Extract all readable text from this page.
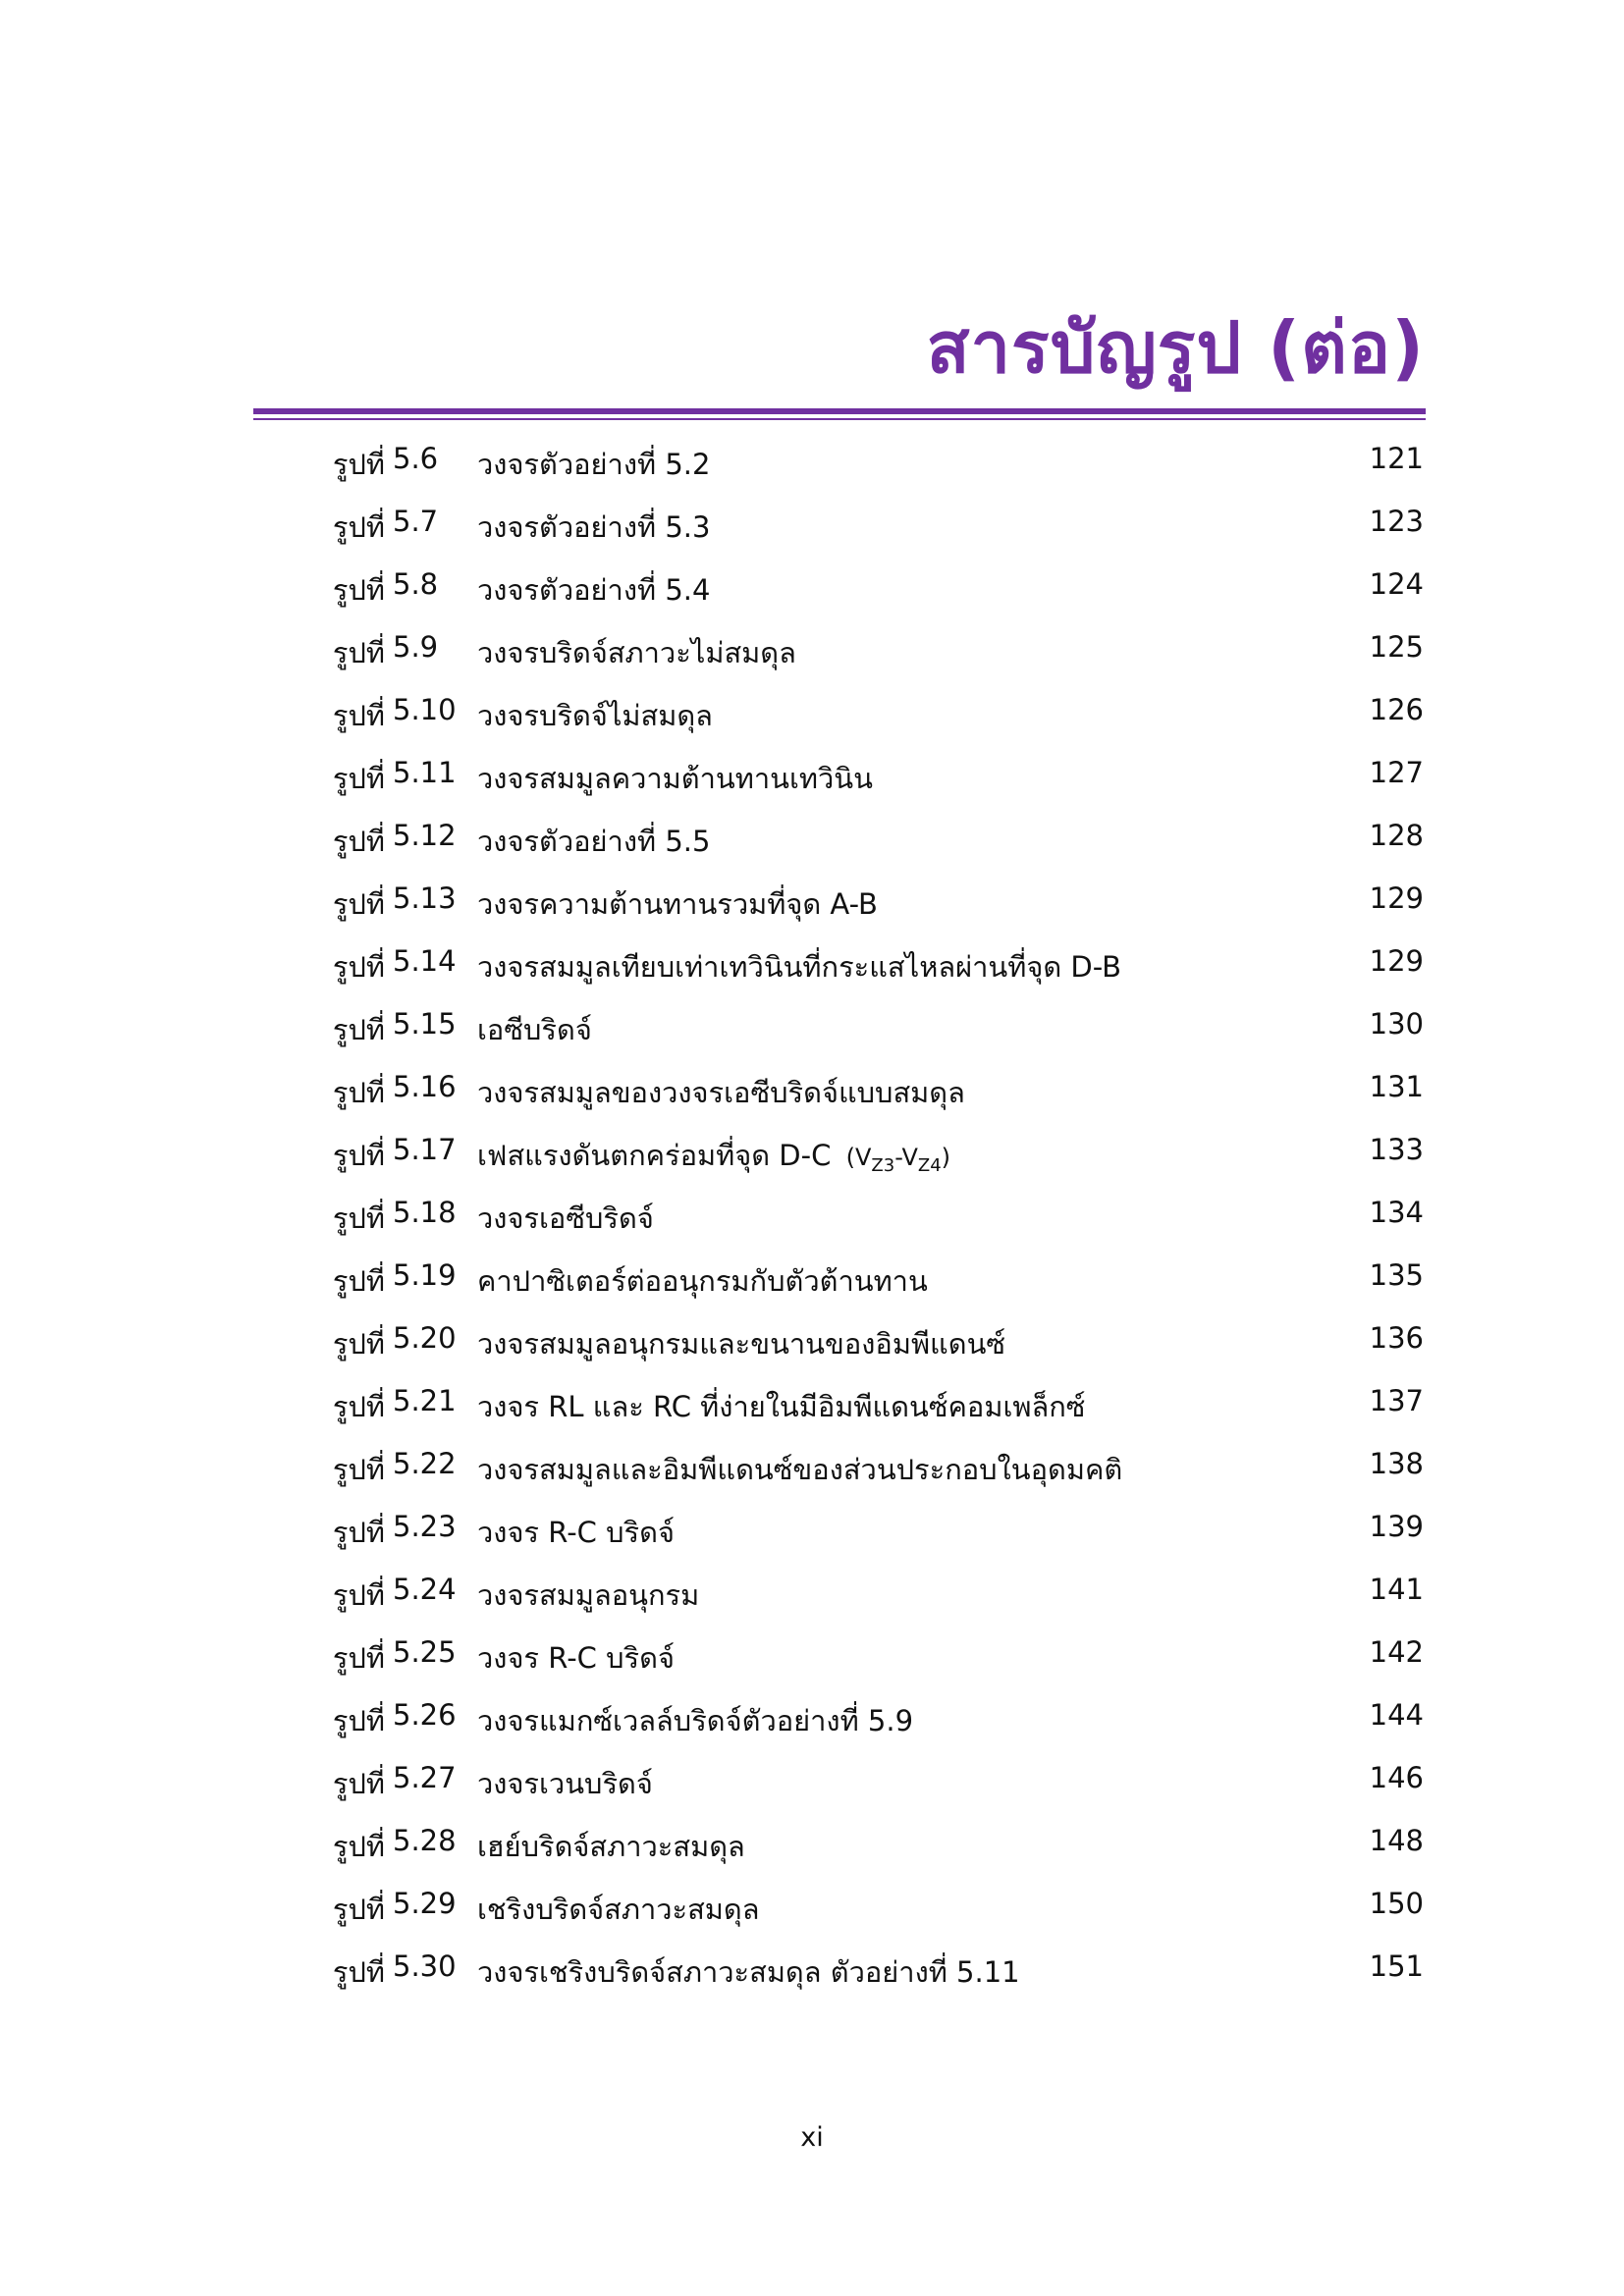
สารบัญรูป (ต่อ)
รูปที่ 5.6 วงจรตัวอย่างที่ 5.2	121
รูปที่ 5.7 วงจรตัวอย่างที่ 5.3	123
รูปที่ 5.8 วงจรตัวอย่างที่ 5.4	124
รูปที่ 5.9 วงจรบริดจ์สภาวะไม่สมดุล	125
รูปที่ 5.10 วงจรบริดจ์ไม่สมดุล	126
รูปที่ 5.11 วงจรสมมูลความต้านทานเทวินิน	127
รูปที่ 5.12 วงจรตัวอย่างที่ 5.5	128
รูปที่ 5.13 วงจรความต้านทานรวมที่จุด A-B	129
รูปที่ 5.14 วงจรสมมูลเทียบเท่าเทวินินที่กระแสไหลผ่านที่จุด D-B	129
รูปที่ 5.15 เอซีบริดจ์	130
รูปที่ 5.16 วงจรสมมูลของวงจรเอซีบริดจ์แบบสมดุล	131
รูปที่ 5.17 เฟสแรงดันตกคร่อมที่จุด D-C  $(V_{Z3}-V_{Z4})$	133
รูปที่ 5.18 วงจรเอซีบริดจ์	134
รูปที่ 5.19 คาปาซิเตอร์ต่ออนุกรมกับตัวต้านทาน	135
รูปที่ 5.20 วงจรสมมูลอนุกรมและขนานของอิมพีแดนซ์	136
รูปที่ 5.21 วงจร RL และ RC ที่ง่ายในมีอิมพีแดนซ์คอมเพล็กซ์	137
รูปที่ 5.22 วงจรสมมูลและอิมพีแดนซ์ของส่วนประกอบในอุดมคติ	138
รูปที่ 5.23 วงจร R-C บริดจ์	139
รูปที่ 5.24 วงจรสมมูลอนุกรม	141
รูปที่ 5.25 วงจร R-C บริดจ์	142
รูปที่ 5.26 วงจรแมกซ์เวลล์บริดจ์ตัวอย่างที่ 5.9	144
รูปที่ 5.27 วงจรเวนบริดจ์	146
รูปที่ 5.28 เฮย์บริดจ์สภาวะสมดุล	148
รูปที่ 5.29 เชริงบริดจ์สภาวะสมดุล	150
รูปที่ 5.30 วงจรเชริงบริดจ์สภาวะสมดุล ตัวอย่างที่ 5.11	151
xi
